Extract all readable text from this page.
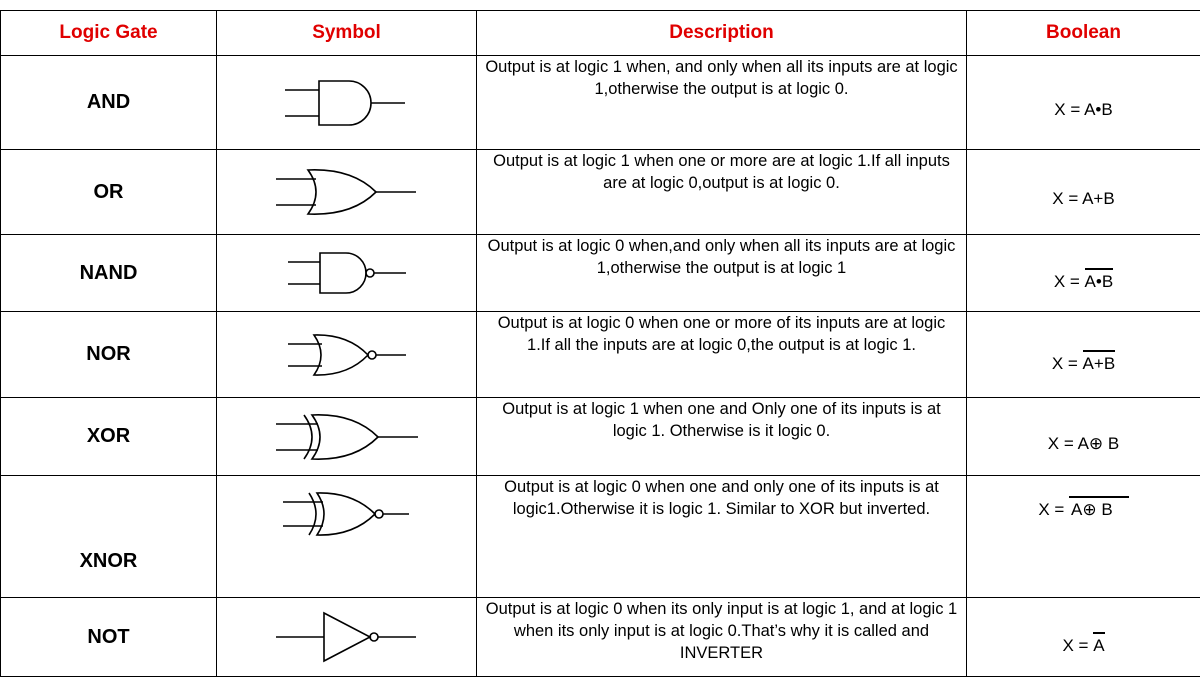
Logic Gate	Symbol	Description	Boolean
AND		Output is at logic 1 when, and only when all its inputs are at logic 1,otherwise the output is at logic 0.	X = A•B
OR		Output is at logic 1 when one or more are at logic 1.If all inputs are at logic 0,output is at logic 0.	X = A+B
NAND		Output is at logic 0 when,and only when all its inputs are at logic 1,otherwise the output is at logic 1	X = A•B
NOR		Output is at logic 0 when one or more of its inputs are at logic 1.If all the inputs are at logic 0,the output is at logic 1.	X = A+B
XOR		Output is at logic 1 when one and Only one of its inputs is at logic 1. Otherwise is it logic 0.	X = A⊕ B
XNOR		Output is at logic 0 when one and only one of its inputs is at logic1.Otherwise it is logic 1. Similar to XOR but inverted.	X = A⊕ B
NOT		Output is at logic 0 when its only input is at logic 1, and at logic 1 when its only input is at logic 0.That’s why it is called and INVERTER	X = A
